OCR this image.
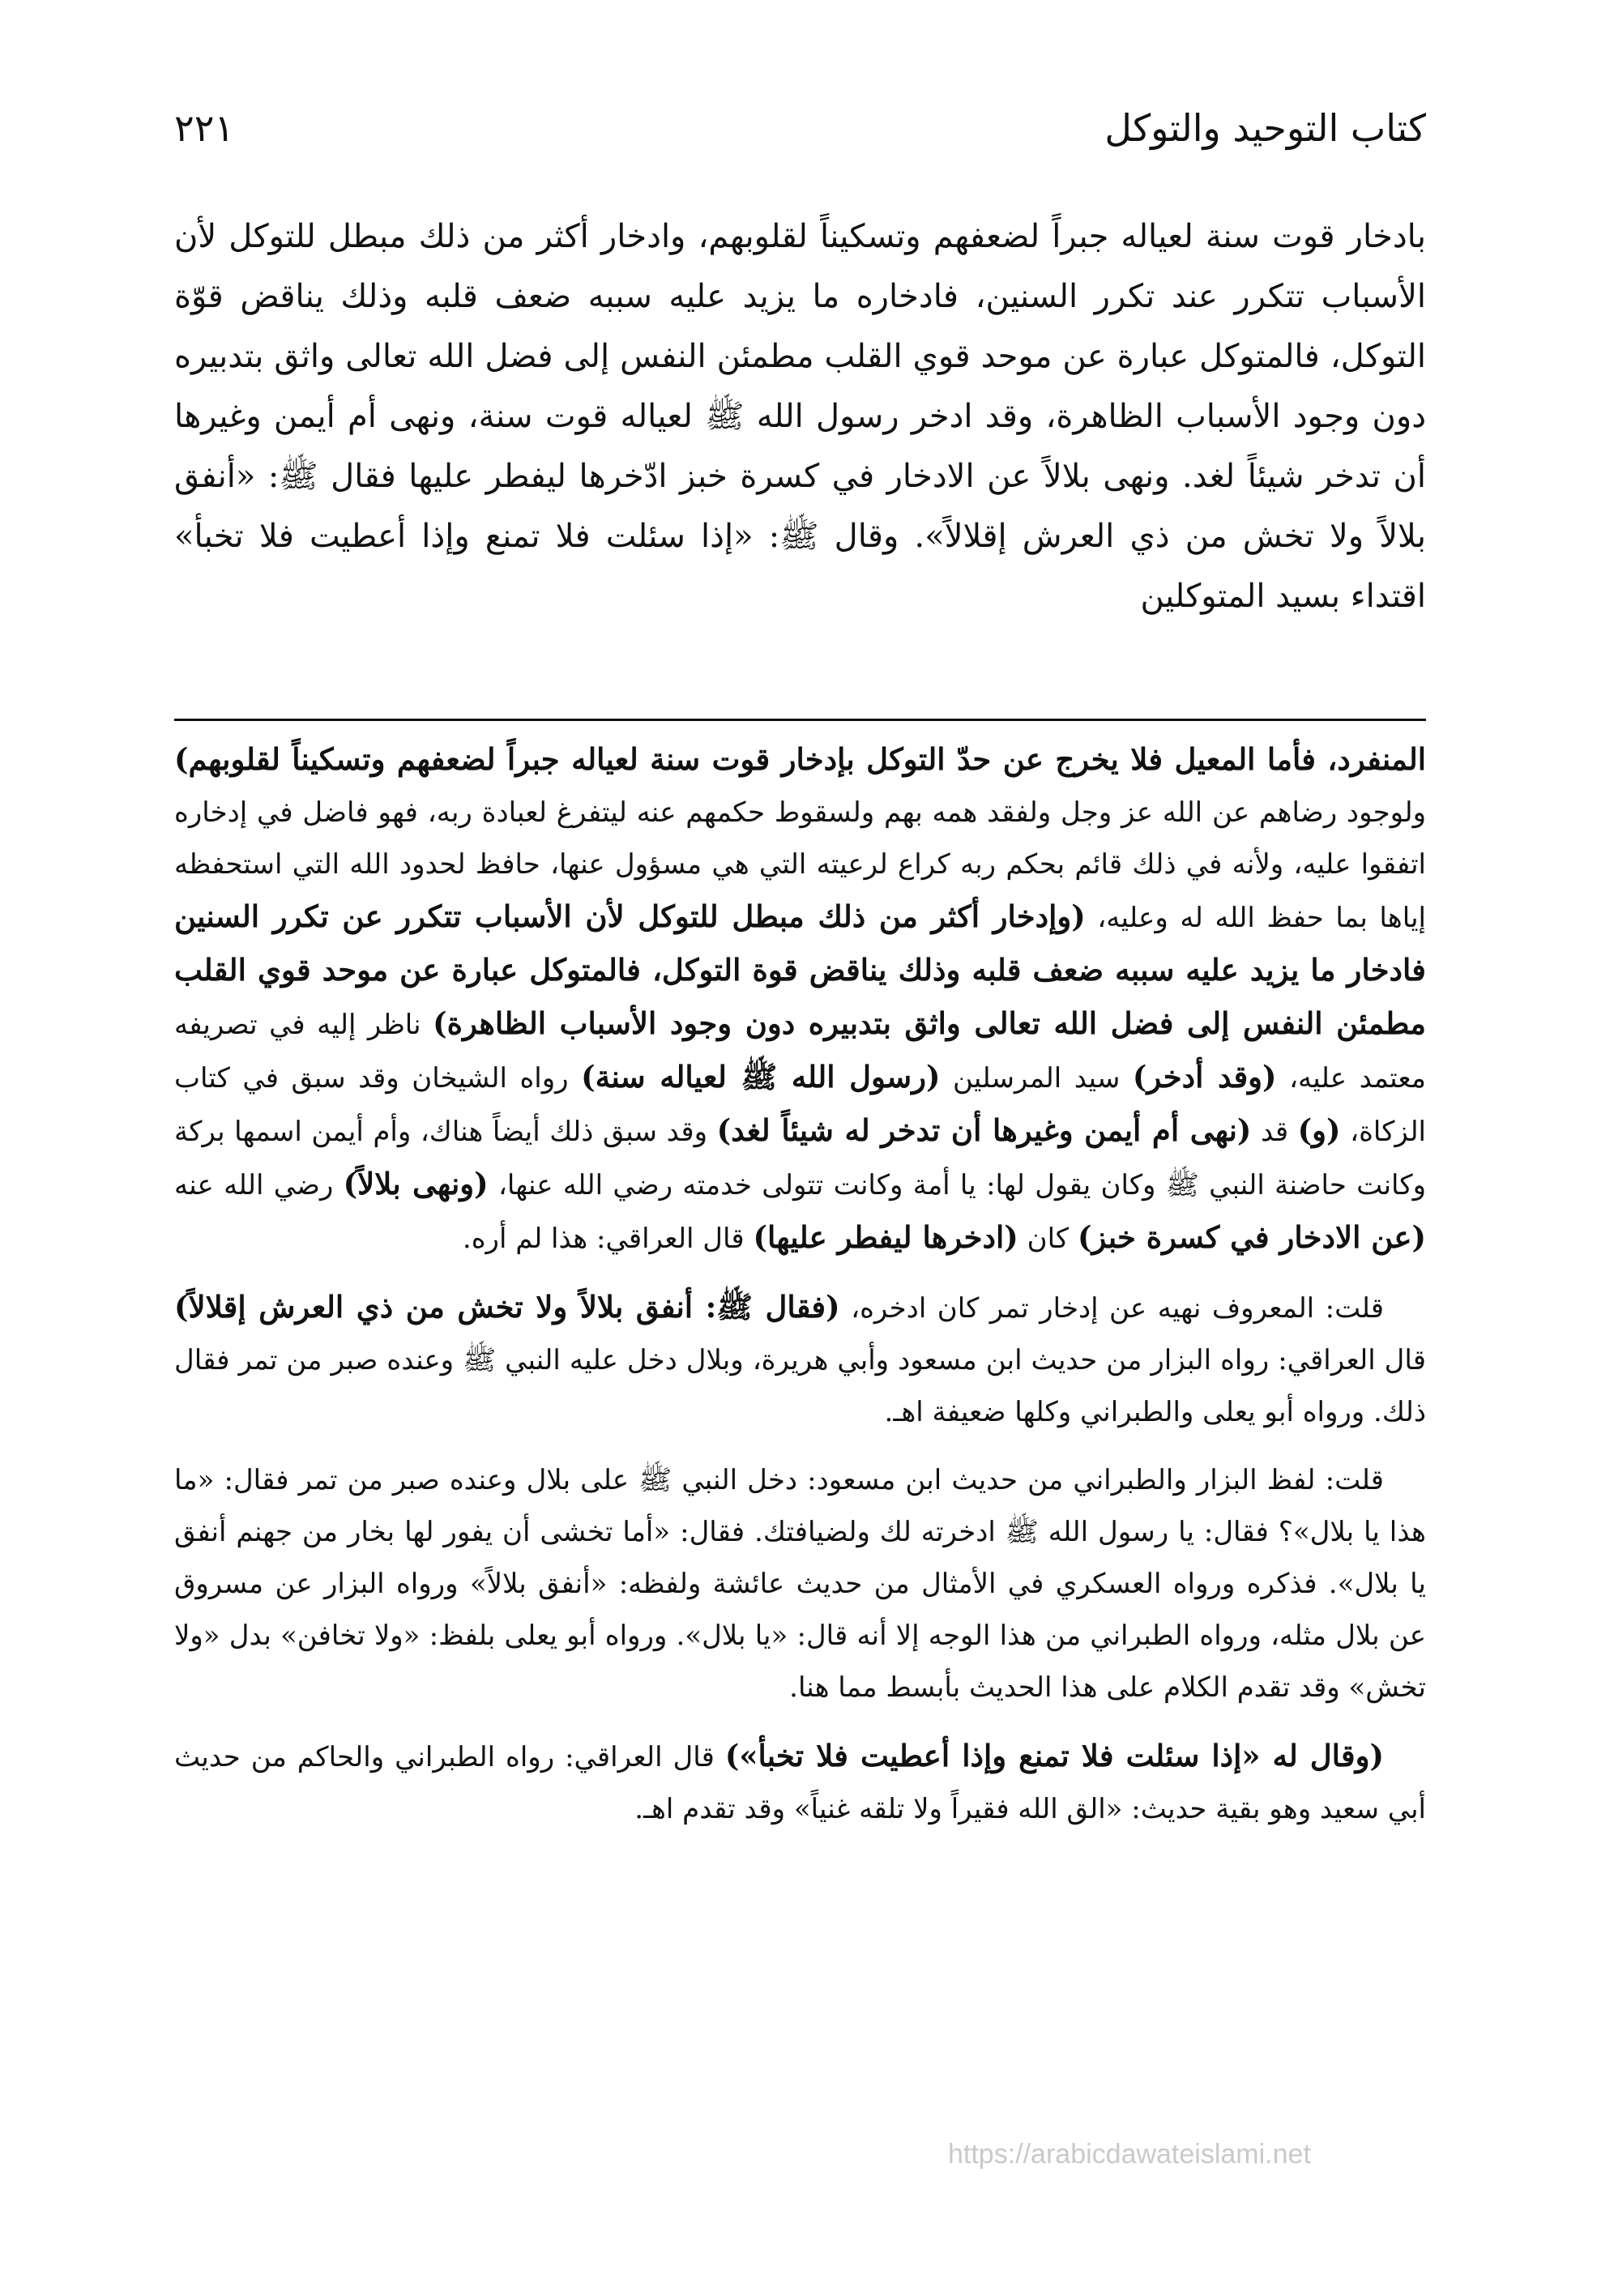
كتاب التوحيد والتوكل
٢٢١

بادخار قوت سنة لعياله جبراً لضعفهم وتسكيناً لقلوبهم، وادخار أكثر من ذلك مبطل للتوكل لأن الأسباب تتكرر عند تكرر السنين، فادخاره ما يزيد عليه سببه ضعف قلبه وذلك يناقض قوّة التوكل، فالمتوكل عبارة عن موحد قوي القلب مطمئن النفس إلى فضل الله تعالى واثق بتدبيره دون وجود الأسباب الظاهرة، وقد ادخر رسول الله ﷺ لعياله قوت سنة، ونهى أم أيمن وغيرها أن تدخر شيئاً لغد. ونهى بلالاً عن الادخار في كسرة خبز ادّخرها ليفطر عليها فقال ﷺ: «أنفق بلالاً ولا تخش من ذي العرش إقلالاً». وقال ﷺ: «إذا سئلت فلا تمنع وإذا أعطيت فلا تخبأ» اقتداء بسيد المتوكلين

المنفرد، فأما المعيل فلا يخرج عن حدّ التوكل بإدخار قوت سنة لعياله جبراً لضعفهم وتسكيناً لقلوبهم) ولوجود رضاهم عن الله عز وجل ولفقد همه بهم ولسقوط حكمهم عنه ليتفرغ لعبادة ربه، فهو فاضل في إدخاره اتفقوا عليه، ولأنه في ذلك قائم بحكم ربه كراع لرعيته التي هي مسؤول عنها، حافظ لحدود الله التي استحفظه إياها بما حفظ الله له وعليه، (وإدخار أكثر من ذلك مبطل للتوكل لأن الأسباب تتكرر عن تكرر السنين فادخار ما يزيد عليه سببه ضعف قلبه وذلك يناقض قوة التوكل، فالمتوكل عبارة عن موحد قوي القلب مطمئن النفس إلى فضل الله تعالى واثق بتدبيره دون وجود الأسباب الظاهرة) ناظر إليه في تصريفه معتمد عليه، (وقد أدخر) سيد المرسلين (رسول الله ﷺ لعياله سنة) رواه الشيخان وقد سبق في كتاب الزكاة، (و) قد (نهى أم أيمن وغيرها أن تدخر له شيئاً لغد) وقد سبق ذلك أيضاً هناك، وأم أيمن اسمها بركة وكانت حاضنة النبي ﷺ وكان يقول لها: يا أمة وكانت تتولى خدمته رضي الله عنها، (ونهى بلالاً) رضي الله عنه (عن الادخار في كسرة خبز) كان (ادخرها ليفطر عليها) قال العراقي: هذا لم أره.

قلت: المعروف نهيه عن إدخار تمر كان ادخره، (فقال ﷺ: أنفق بلالاً ولا تخش من ذي العرش إقلالاً) قال العراقي: رواه البزار من حديث ابن مسعود وأبي هريرة، وبلال دخل عليه النبي ﷺ وعنده صبر من تمر فقال ذلك. ورواه أبو يعلى والطبراني وكلها ضعيفة اهـ.

قلت: لفظ البزار والطبراني من حديث ابن مسعود: دخل النبي ﷺ على بلال وعنده صبر من تمر فقال: «ما هذا يا بلال»؟ فقال: يا رسول الله ﷺ ادخرته لك ولضيافتك. فقال: «أما تخشى أن يفور لها بخار من جهنم أنفق يا بلال». فذكره ورواه العسكري في الأمثال من حديث عائشة ولفظه: «أنفق بلالاً» ورواه البزار عن مسروق عن بلال مثله، ورواه الطبراني من هذا الوجه إلا أنه قال: «يا بلال». ورواه أبو يعلى بلفظ: «ولا تخافن» بدل «ولا تخش» وقد تقدم الكلام على هذا الحديث بأبسط مما هنا.

(وقال له «إذا سئلت فلا تمنع وإذا أعطيت فلا تخبأ») قال العراقي: رواه الطبراني والحاكم من حديث أبي سعيد وهو بقية حديث: «الق الله فقيراً ولا تلقه غنياً» وقد تقدم اهـ.

https://arabicdawateislami.net
